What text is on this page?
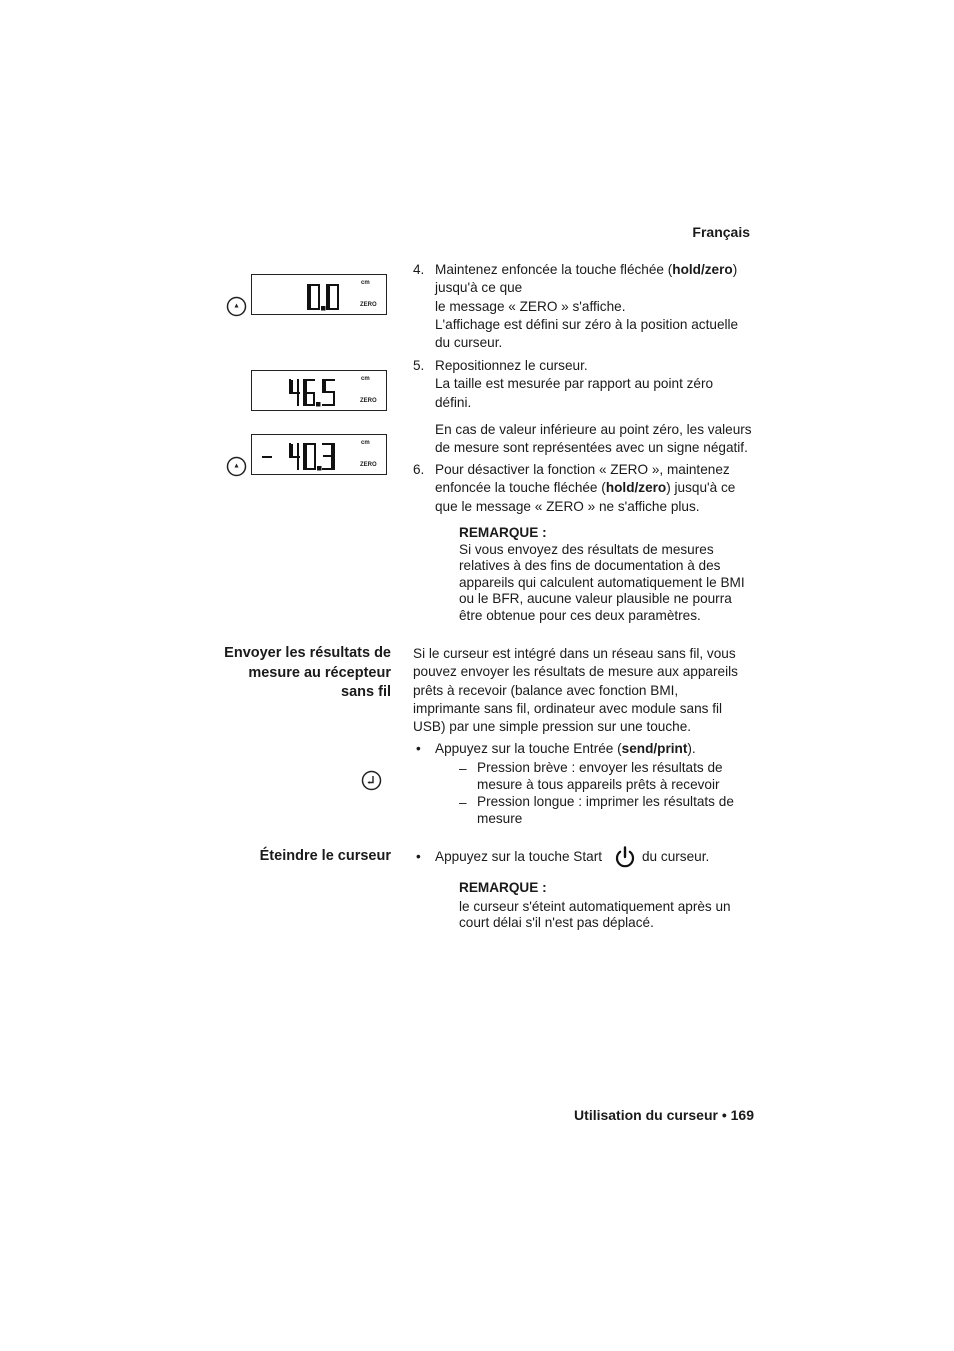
Français
cm
ZERO
cm
ZERO
cm
ZERO
4. Maintenez enfoncée la touche fléchée (hold/zero)
jusqu'à ce que
le message « ZERO » s'affiche.
L'affichage est défini sur zéro à la position actuelle
du curseur.
5. Repositionnez le curseur.
La taille est mesurée par rapport au point zéro
défini.
En cas de valeur inférieure au point zéro, les valeurs
de mesure sont représentées avec un signe négatif.
6. Pour désactiver la fonction « ZERO », maintenez
enfoncée la touche fléchée (hold/zero) jusqu'à ce
que le message « ZERO » ne s'affiche plus.
REMARQUE :
Si vous envoyez des résultats de mesures
relatives à des fins de documentation à des
appareils qui calculent automatiquement le BMI
ou le BFR, aucune valeur plausible ne pourra
être obtenue pour ces deux paramètres.
Envoyer les résultats de
mesure au récepteur
sans fil
Si le curseur est intégré dans un réseau sans fil, vous
pouvez envoyer les résultats de mesure aux appareils
prêts à recevoir (balance avec fonction BMI,
imprimante sans fil, ordinateur avec module sans fil
USB) par une simple pression sur une touche.
• Appuyez sur la touche Entrée (send/print).
– Pression brève : envoyer les résultats de
mesure à tous appareils prêts à recevoir
– Pression longue : imprimer les résultats de
mesure
Éteindre le curseur • Appuyez sur la touche Start	du curseur.
REMARQUE :
le curseur s'éteint automatiquement après un
court délai s'il n'est pas déplacé.
Utilisation du curseur • 169
